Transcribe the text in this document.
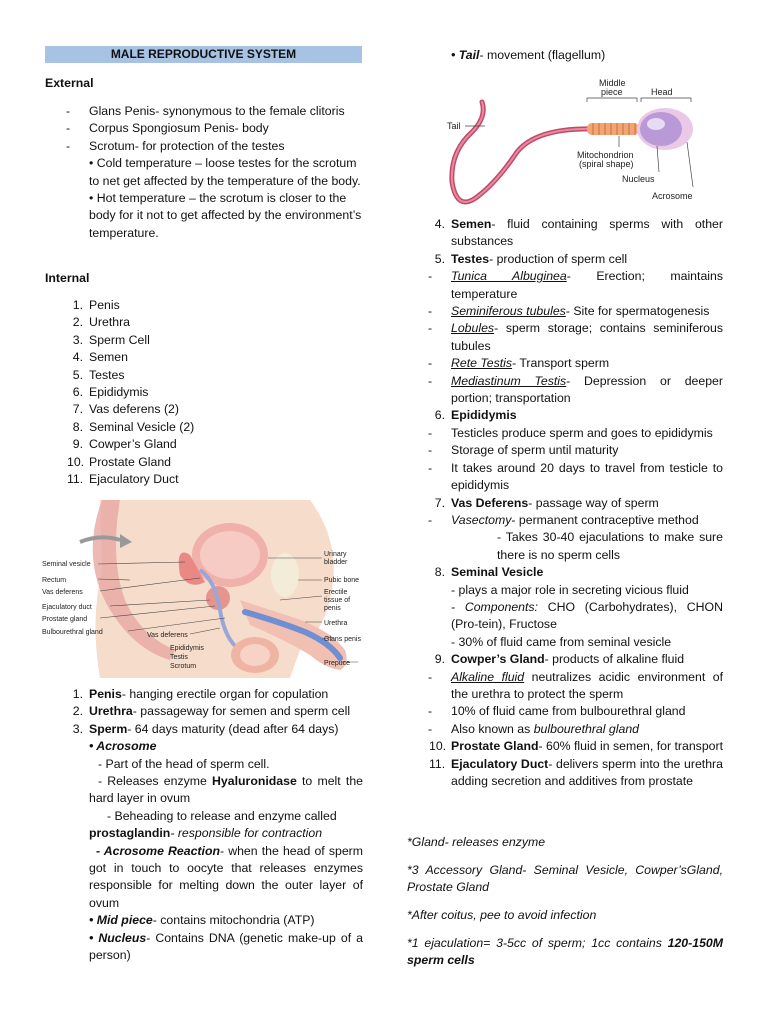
MALE REPRODUCTIVE SYSTEM
External
- Glans Penis- synonymous to the female clitoris
- Corpus Spongiosum Penis- body
- Scrotum- for protection of the testes
• Cold temperature – loose testes for the scrotum to net get affected by the temperature of the body.
• Hot temperature – the scrotum is closer to the body for it not to get affected by the environment’s temperature.
Internal
1. Penis
2. Urethra
3. Sperm Cell
4. Semen
5. Testes
6. Epididymis
7. Vas deferens (2)
8. Seminal Vesicle (2)
9. Cowper’s Gland
10. Prostate Gland
11. Ejaculatory Duct
Seminal vesicle
Rectum
Vas deferens
Ejaculatory duct
Prostate gland
Bulbourethral gland	Vas deferens
Epididymis
Testis
Scrotum
Urinary
bladder
Pubic bone
Erectile
tissue of
penis
Urethra
Glans penis
Prepuce
1. Penis- hanging erectile organ for copulation
2. Urethra- passageway for semen and sperm cell
3. Sperm- 64 days maturity (dead after 64 days)
• Acrosome
- Part of the head of sperm cell.
- Releases enzyme Hyaluronidase to melt the hard layer in ovum
- Beheading to release and enzyme called
prostaglandin- responsible for contraction
- Acrosome Reaction- when the head of sperm got in touch to oocyte that releases enzymes responsible for melting down the outer layer of ovum
• Mid piece- contains mitochondria (ATP)
• Nucleus- Contains DNA (genetic make-up of a person)
• Tail- movement (flagellum)
Middle
piece	Head
Tail
Mitochondrion
(spiral shape)
Nucleus
Acrosome
4. Semen- fluid containing sperms with other substances
5. Testes- production of sperm cell
- Tunica Albuginea- Erection; maintains temperature
- Seminiferous tubules- Site for spermatogenesis
- Lobules- sperm storage; contains seminiferous tubules
- Rete Testis- Transport sperm
- Mediastinum Testis- Depression or deeper portion; transportation
6. Epididymis
- Testicles produce sperm and goes to epididymis
- Storage of sperm until maturity
- It takes around 20 days to travel from testicle to epididymis
7. Vas Deferens- passage way of sperm
- Vasectomy- permanent contraceptive method
- Takes 30-40 ejaculations to make sure there is no sperm cells
8. Seminal Vesicle
- plays a major role in secreting vicious fluid
- Components: CHO (Carbohydrates), CHON (Pro-tein), Fructose
- 30% of fluid came from seminal vesicle
9. Cowper’s Gland- products of alkaline fluid
- Alkaline fluid neutralizes acidic environment of the urethra to protect the sperm
- 10% of fluid came from bulbourethral gland
- Also known as bulbourethral gland
10. Prostate Gland- 60% fluid in semen, for transport
11. Ejaculatory Duct- delivers sperm into the urethra adding secretion and additives from prostate
*Gland- releases enzyme
*3 Accessory Gland- Seminal Vesicle, Cowper’sGland, Prostate Gland
*After coitus, pee to avoid infection
*1 ejaculation= 3-5cc of sperm; 1cc contains 120-150M sperm cells
